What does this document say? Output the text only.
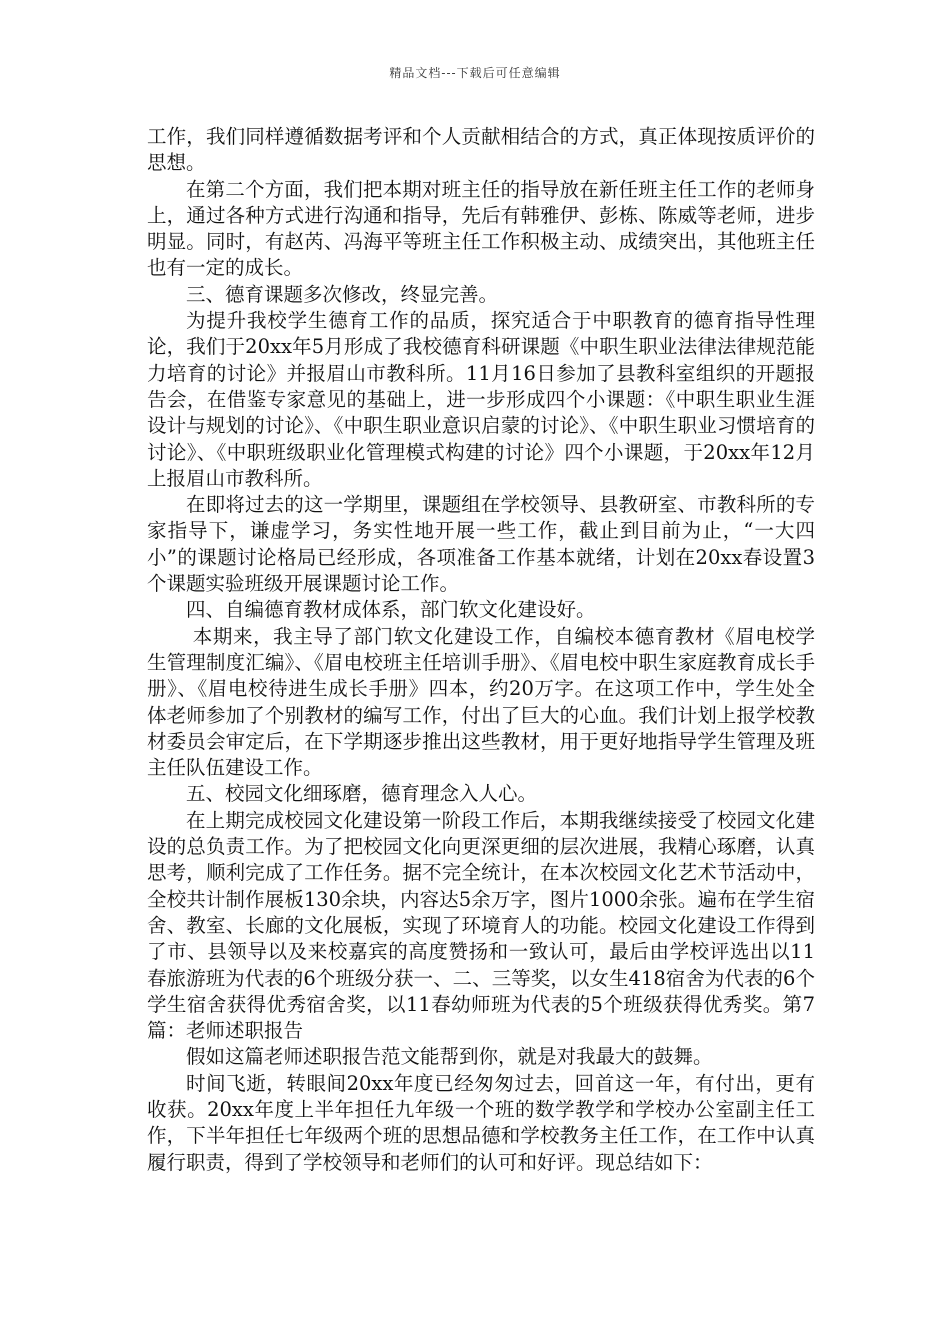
精品文档---下载后可任意编辑

工作，我们同样遵循数据考评和个人贡献相结合的方式，真正体现按质评价的思想。

在第二个方面，我们把本期对班主任的指导放在新任班主任工作的老师身上，通过各种方式进行沟通和指导，先后有韩雅伊、彭栋、陈威等老师，进步明显。同时，有赵芮、冯海平等班主任工作积极主动、成绩突出，其他班主任也有一定的成长。

三、德育课题多次修改，终显完善。

为提升我校学生德育工作的品质，探究适合于中职教育的德育指导性理论，我们于20xx年5月形成了我校德育科研课题《中职生职业法律法律规范能力培育的讨论》并报眉山市教科所。11月16日参加了县教科室组织的开题报告会，在借鉴专家意见的基础上，进一步形成四个小课题：《中职生职业生涯设计与规划的讨论》、《中职生职业意识启蒙的讨论》、《中职生职业习惯培育的讨论》、《中职班级职业化管理模式构建的讨论》四个小课题，于20xx年12月上报眉山市教科所。

在即将过去的这一学期里，课题组在学校领导、县教研室、市教科所的专家指导下，谦虚学习，务实性地开展一些工作，截止到目前为止，“一大四小”的课题讨论格局已经形成，各项准备工作基本就绪，计划在20xx春设置3个课题实验班级开展课题讨论工作。

四、自编德育教材成体系，部门软文化建设好。

本期来，我主导了部门软文化建设工作，自编校本德育教材《眉电校学生管理制度汇编》、《眉电校班主任培训手册》、《眉电校中职生家庭教育成长手册》、《眉电校待进生成长手册》四本，约20万字。在这项工作中，学生处全体老师参加了个别教材的编写工作，付出了巨大的心血。我们计划上报学校教材委员会审定后，在下学期逐步推出这些教材，用于更好地指导学生管理及班主任队伍建设工作。

五、校园文化细琢磨，德育理念入人心。

在上期完成校园文化建设第一阶段工作后，本期我继续接受了校园文化建设的总负责工作。为了把校园文化向更深更细的层次进展，我精心琢磨，认真思考，顺利完成了工作任务。据不完全统计，在本次校园文化艺术节活动中，全校共计制作展板130余块，内容达5余万字，图片1000余张。遍布在学生宿舍、教室、长廊的文化展板，实现了环境育人的功能。校园文化建设工作得到了市、县领导以及来校嘉宾的高度赞扬和一致认可，最后由学校评选出以11春旅游班为代表的6个班级分获一、二、三等奖，以女生418宿舍为代表的6个学生宿舍获得优秀宿舍奖，以11春幼师班为代表的5个班级获得优秀奖。第7篇：老师述职报告

假如这篇老师述职报告范文能帮到你，就是对我最大的鼓舞。

时间飞逝，转眼间20xx年度已经匆匆过去，回首这一年，有付出，更有收获。20xx年度上半年担任九年级一个班的数学教学和学校办公室副主任工作，下半年担任七年级两个班的思想品德和学校教务主任工作，在工作中认真履行职责，得到了学校领导和老师们的认可和好评。现总结如下：
